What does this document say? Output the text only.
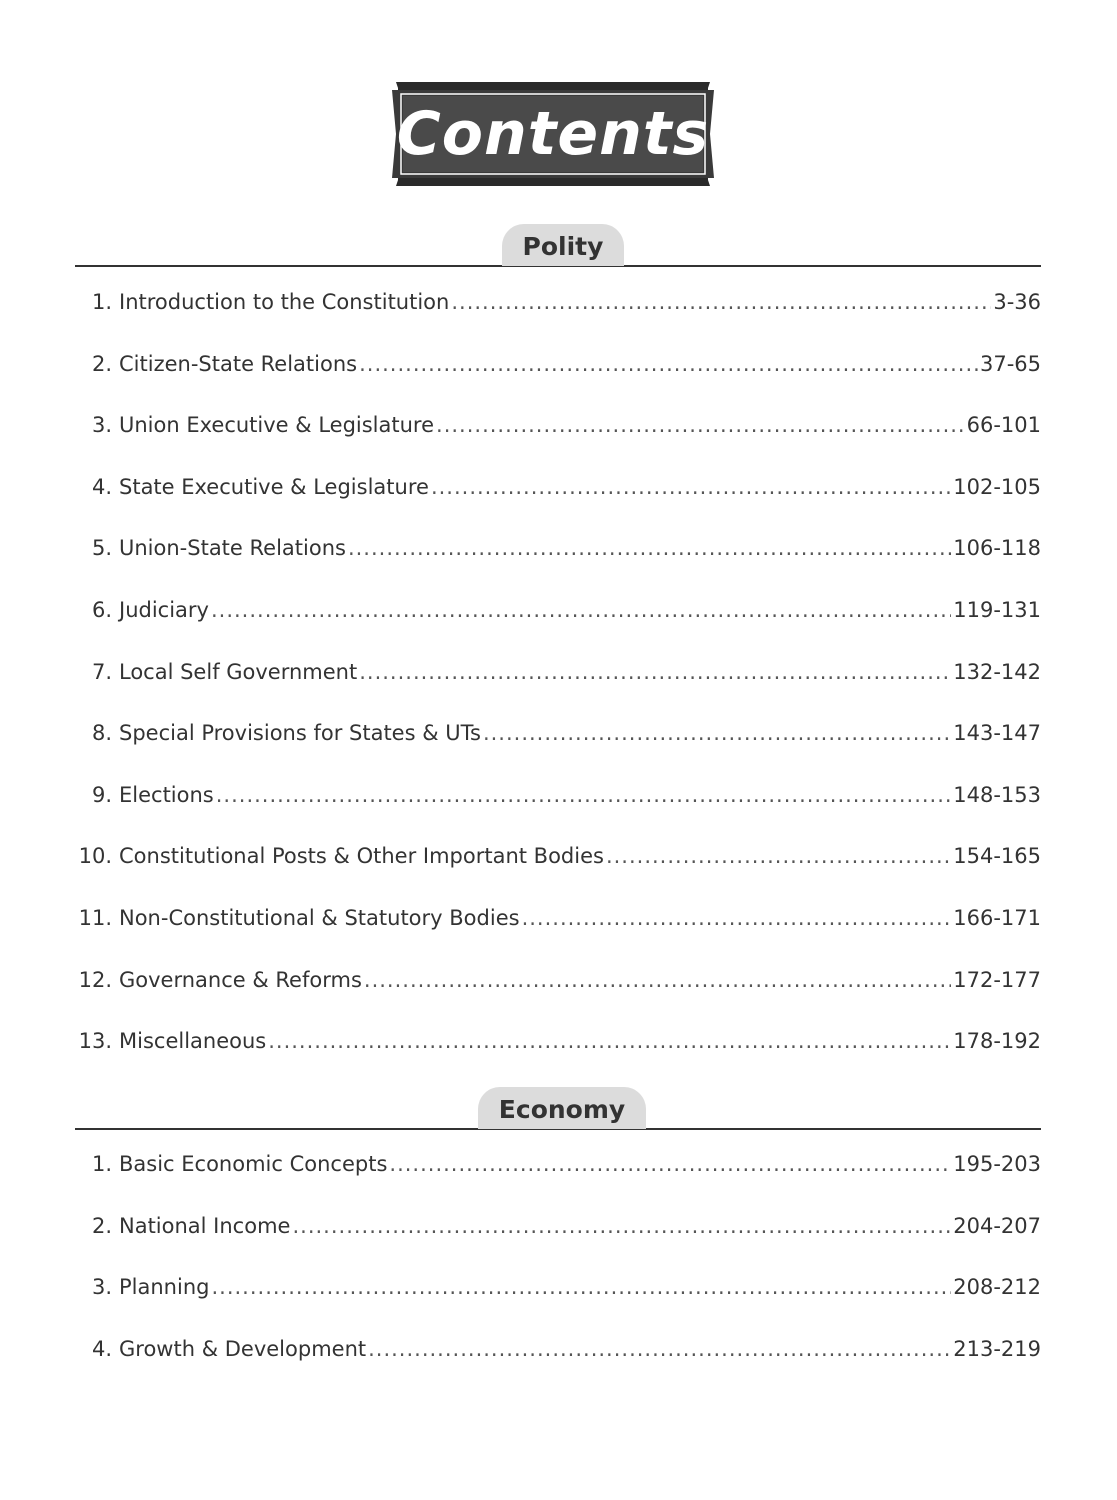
Contents
Polity
1. Introduction to the Constitution .....	3-36
2. Citizen-State Relations .....	37-65
3. Union Executive & Legislature .....	66-101
4. State Executive & Legislature .....	102-105
5. Union-State Relations .....	106-118
6. Judiciary .....	119-131
7. Local Self Government .....	132-142
8. Special Provisions for States & UTs .....	143-147
9. Elections .....	148-153
10. Constitutional Posts & Other Important Bodies .....	154-165
11. Non-Constitutional & Statutory Bodies .....	166-171
12. Governance & Reforms .....	172-177
13. Miscellaneous .....	178-192
Economy
1. Basic Economic Concepts .....	195-203
2. National Income .....	204-207
3. Planning .....	208-212
4. Growth & Development .....	213-219
